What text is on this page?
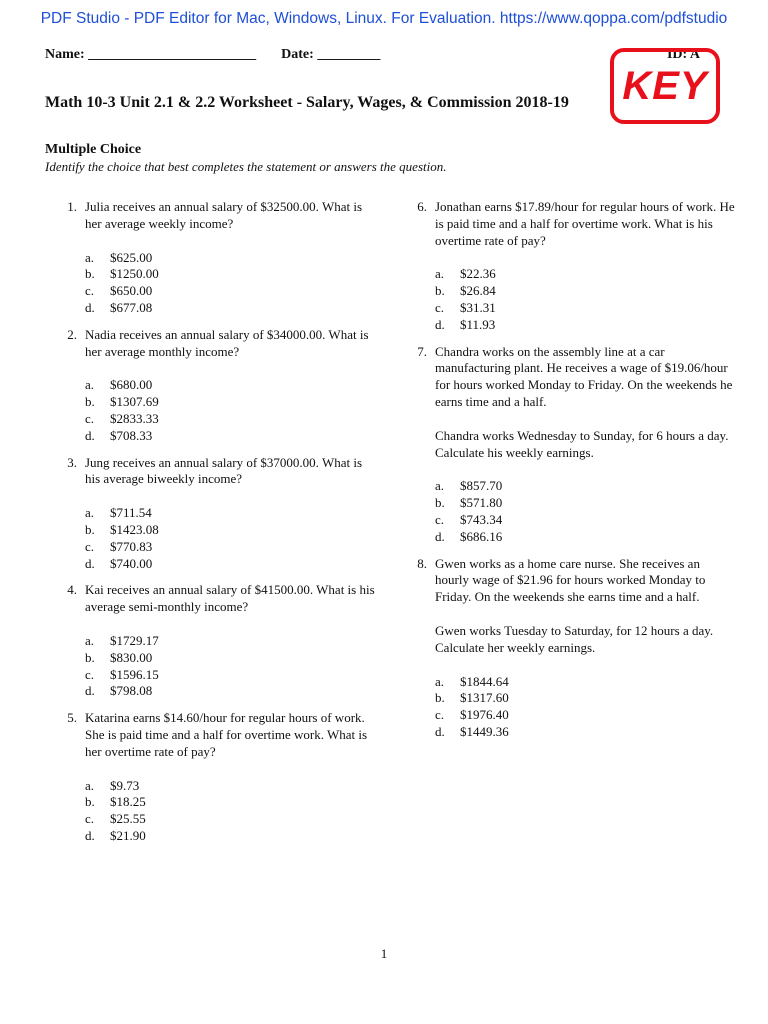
PDF Studio - PDF Editor for Mac, Windows, Linux. For Evaluation. https://www.qoppa.com/pdfstudio
Name: ________________________ Date: _________	ID: A
KEY
Math 10-3 Unit 2.1 & 2.2 Worksheet - Salary, Wages, & Commission 2018-19
Multiple Choice
Identify the choice that best completes the statement or answers the question.
1. Julia receives an annual salary of $32500.00. What is her average weekly income?

a. $625.00
b. $1250.00
c. $650.00
d. $677.08
2. Nadia receives an annual salary of $34000.00. What is her average monthly income?

a. $680.00
b. $1307.69
c. $2833.33
d. $708.33
3. Jung receives an annual salary of $37000.00. What is his average biweekly income?

a. $711.54
b. $1423.08
c. $770.83
d. $740.00
4. Kai receives an annual salary of $41500.00. What is his average semi-monthly income?

a. $1729.17
b. $830.00
c. $1596.15
d. $798.08
5. Katarina earns $14.60/hour for regular hours of work. She is paid time and a half for overtime work. What is her overtime rate of pay?

a. $9.73
b. $18.25
c. $25.55
d. $21.90
6. Jonathan earns $17.89/hour for regular hours of work. He is paid time and a half for overtime work. What is his overtime rate of pay?

a. $22.36
b. $26.84
c. $31.31
d. $11.93
7. Chandra works on the assembly line at a car manufacturing plant. He receives a wage of $19.06/hour for hours worked Monday to Friday. On the weekends he earns time and a half.

Chandra works Wednesday to Sunday, for 6 hours a day. Calculate his weekly earnings.

a. $857.70
b. $571.80
c. $743.34
d. $686.16
8. Gwen works as a home care nurse. She receives an hourly wage of $21.96 for hours worked Monday to Friday. On the weekends she earns time and a half.

Gwen works Tuesday to Saturday, for 12 hours a day. Calculate her weekly earnings.

a. $1844.64
b. $1317.60
c. $1976.40
d. $1449.36
1
